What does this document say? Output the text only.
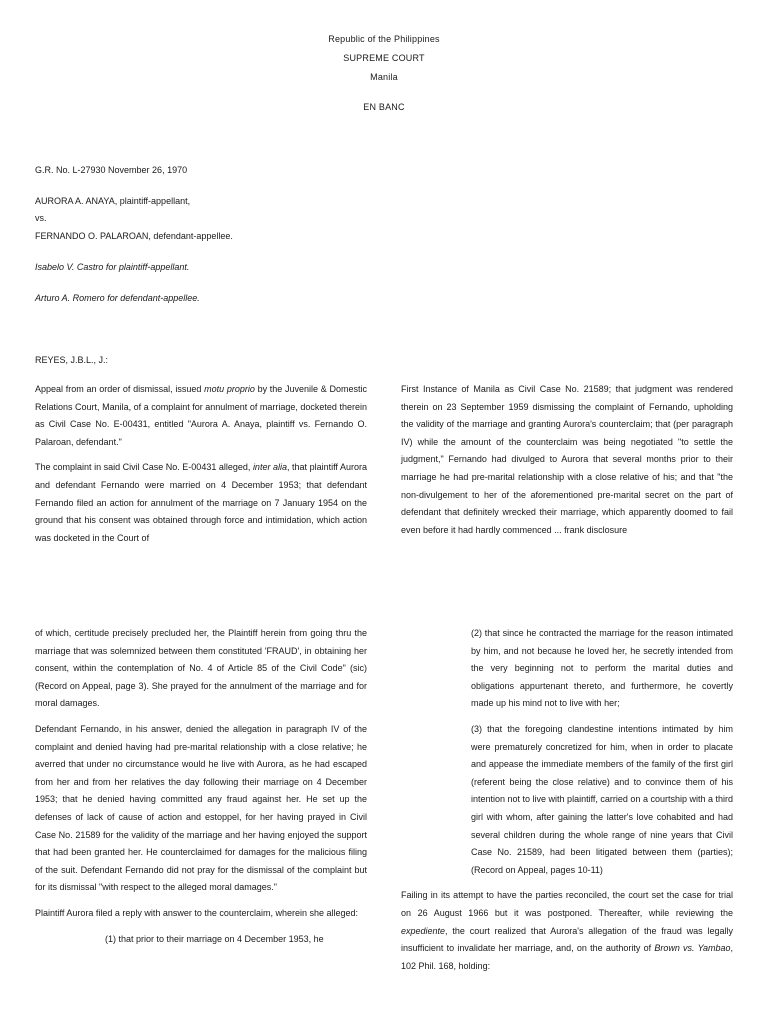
Republic of the Philippines
SUPREME COURT
Manila
EN BANC
G.R. No. L-27930 November 26, 1970
AURORA A. ANAYA, plaintiff-appellant,
vs.
FERNANDO O. PALAROAN, defendant-appellee.
Isabelo V. Castro for plaintiff-appellant.
Arturo A. Romero for defendant-appellee.
REYES, J.B.L., J.:

Appeal from an order of dismissal, issued motu proprio by the Juvenile & Domestic Relations Court, Manila, of a complaint for annulment of marriage, docketed therein as Civil Case No. E-00431, entitled "Aurora A. Anaya, plaintiff vs. Fernando O. Palaroan, defendant."

The complaint in said Civil Case No. E-00431 alleged, inter alia, that plaintiff Aurora and defendant Fernando were married on 4 December 1953; that defendant Fernando filed an action for annulment of the marriage on 7 January 1954 on the ground that his consent was obtained through force and intimidation, which action was docketed in the Court of

First Instance of Manila as Civil Case No. 21589; that judgment was rendered therein on 23 September 1959 dismissing the complaint of Fernando, upholding the validity of the marriage and granting Aurora's counterclaim; that (per paragraph IV) while the amount of the counterclaim was being negotiated "to settle the judgment," Fernando had divulged to Aurora that several months prior to their marriage he had pre-marital relationship with a close relative of his; and that "the non-divulgement to her of the aforementioned pre-marital secret on the part of defendant that definitely wrecked their marriage, which apparently doomed to fail even before it had hardly commenced ... frank disclosure

of which, certitude precisely precluded her, the Plaintiff herein from going thru the marriage that was solemnized between them constituted 'FRAUD', in obtaining her consent, within the contemplation of No. 4 of Article 85 of the Civil Code" (sic) (Record on Appeal, page 3). She prayed for the annulment of the marriage and for moral damages.

Defendant Fernando, in his answer, denied the allegation in paragraph IV of the complaint and denied having had pre-marital relationship with a close relative; he averred that under no circumstance would he live with Aurora, as he had escaped from her and from her relatives the day following their marriage on 4 December 1953; that he denied having committed any fraud against her. He set up the defenses of lack of cause of action and estoppel, for her having prayed in Civil Case No. 21589 for the validity of the marriage and her having enjoyed the support that had been granted her. He counterclaimed for damages for the malicious filing of the suit. Defendant Fernando did not pray for the dismissal of the complaint but for its dismissal "with respect to the alleged moral damages."

Plaintiff Aurora filed a reply with answer to the counterclaim, wherein she alleged:

(1) that prior to their marriage on 4 December 1953, he

(2) that since he contracted the marriage for the reason intimated by him, and not because he loved her, he secretly intended from the very beginning not to perform the marital duties and obligations appurtenant thereto, and furthermore, he covertly made up his mind not to live with her;

(3) that the foregoing clandestine intentions intimated by him were prematurely concretized for him, when in order to placate and appease the immediate members of the family of the first girl (referent being the close relative) and to convince them of his intention not to live with plaintiff, carried on a courtship with a third girl with whom, after gaining the latter's love cohabited and had several children during the whole range of nine years that Civil Case No. 21589, had been litigated between them (parties); (Record on Appeal, pages 10-11)

Failing in its attempt to have the parties reconciled, the court set the case for trial on 26 August 1966 but it was postponed. Thereafter, while reviewing the expediente, the court realized that Aurora's allegation of the fraud was legally insufficient to invalidate her marriage, and, on the authority of Brown vs. Yambao, 102 Phil. 168, holding:
